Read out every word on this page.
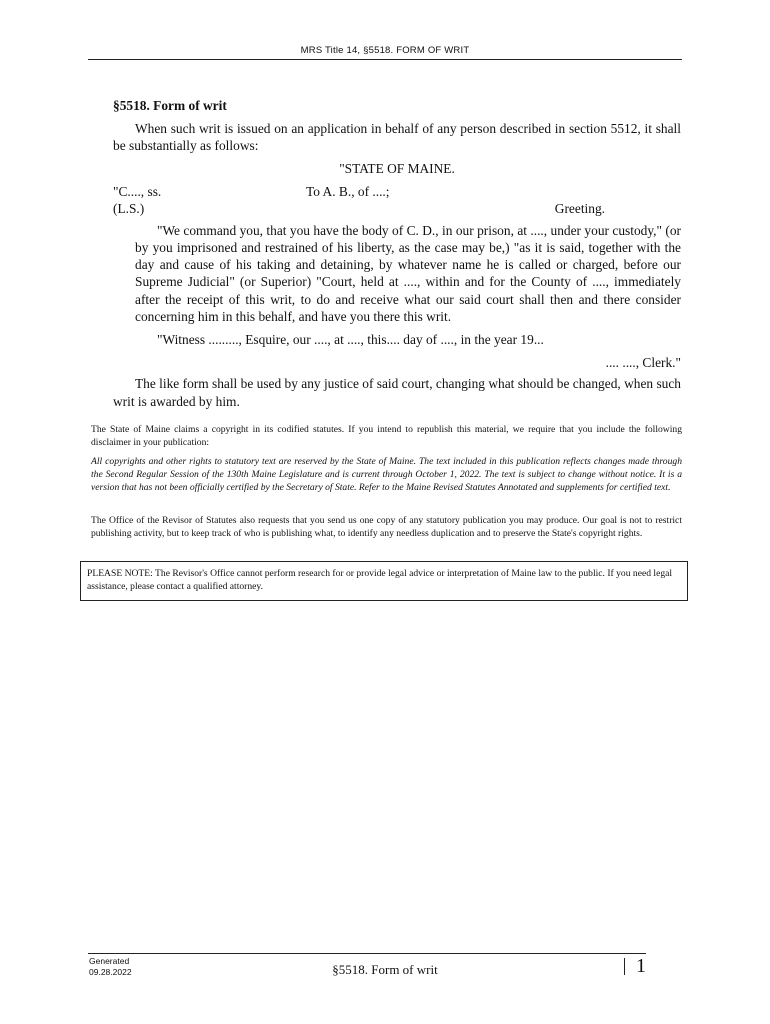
MRS Title 14, §5518. FORM OF WRIT
§5518. Form of writ
When such writ is issued on an application in behalf of any person described in section 5512, it shall be substantially as follows:
"STATE OF MAINE.
"C...., ss.	To A. B., of ....;
(L.S.)	Greeting.
"We command you, that you have the body of C. D., in our prison, at ...., under your custody," (or by you imprisoned and restrained of his liberty, as the case may be,) "as it is said, together with the day and cause of his taking and detaining, by whatever name he is called or charged, before our Supreme Judicial" (or Superior) "Court, held at ...., within and for the County of ...., immediately after the receipt of this writ, to do and receive what our said court shall then and there consider concerning him in this behalf, and have you there this writ.
"Witness ........., Esquire, our ...., at ...., this.... day of ...., in the year 19...
.... ...., Clerk."
The like form shall be used by any justice of said court, changing what should be changed, when such writ is awarded by him.
The State of Maine claims a copyright in its codified statutes. If you intend to republish this material, we require that you include the following disclaimer in your publication:
All copyrights and other rights to statutory text are reserved by the State of Maine. The text included in this publication reflects changes made through the Second Regular Session of the 130th Maine Legislature and is current through October 1, 2022. The text is subject to change without notice. It is a version that has not been officially certified by the Secretary of State. Refer to the Maine Revised Statutes Annotated and supplements for certified text.
The Office of the Revisor of Statutes also requests that you send us one copy of any statutory publication you may produce. Our goal is not to restrict publishing activity, but to keep track of who is publishing what, to identify any needless duplication and to preserve the State's copyright rights.
PLEASE NOTE: The Revisor's Office cannot perform research for or provide legal advice or interpretation of Maine law to the public. If you need legal assistance, please contact a qualified attorney.
Generated
09.28.2022	§5518. Form of writ	1
